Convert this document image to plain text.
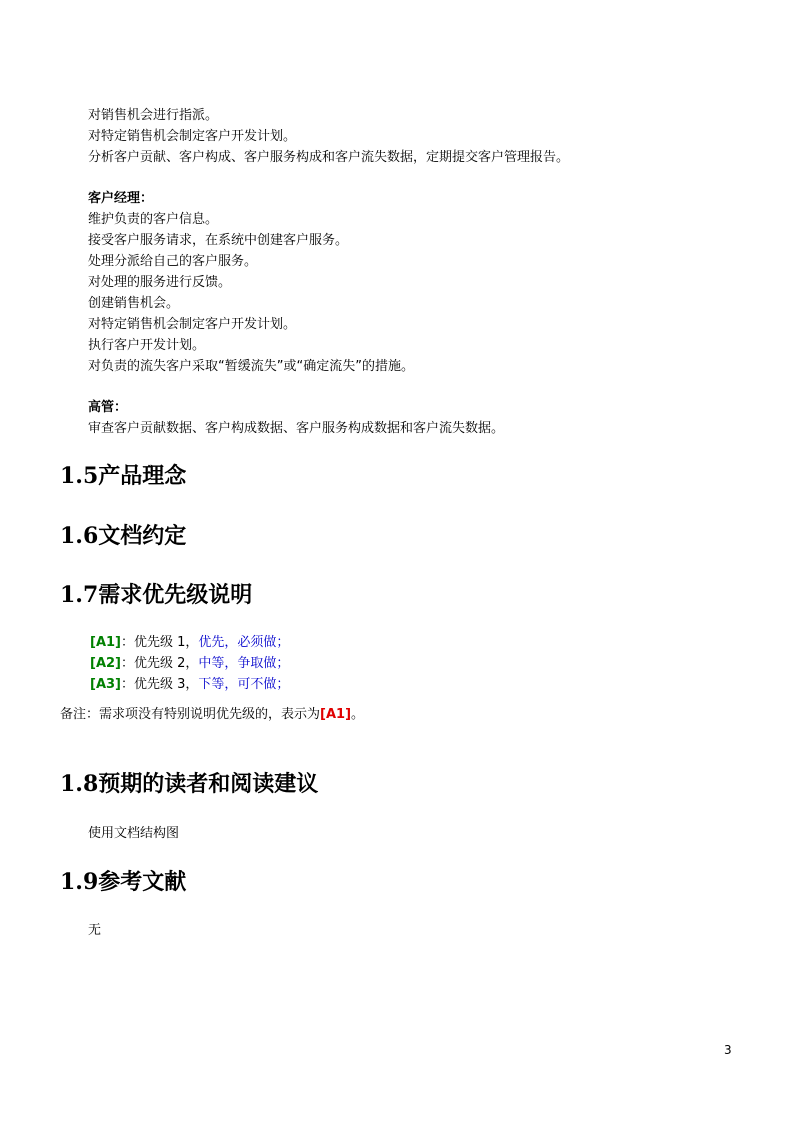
对销售机会进行指派。
对特定销售机会制定客户开发计划。
分析客户贡献、客户构成、客户服务构成和客户流失数据，定期提交客户管理报告。
客户经理：
维护负责的客户信息。
接受客户服务请求，在系统中创建客户服务。
处理分派给自己的客户服务。
对处理的服务进行反馈。
创建销售机会。
对特定销售机会制定客户开发计划。
执行客户开发计划。
对负责的流失客户采取“暂缓流失”或“确定流失”的措施。
高管：
审查客户贡献数据、客户构成数据、客户服务构成数据和客户流失数据。
1.5产品理念
1.6文档约定
1.7需求优先级说明
[A1]：优先级 1，优先，必须做；
[A2]：优先级 2，中等，争取做；
[A3]：优先级 3，下等，可不做；
备注：需求项没有特别说明优先级的，表示为[A1]。
1.8预期的读者和阅读建议
使用文档结构图
1.9参考文献
无
3
